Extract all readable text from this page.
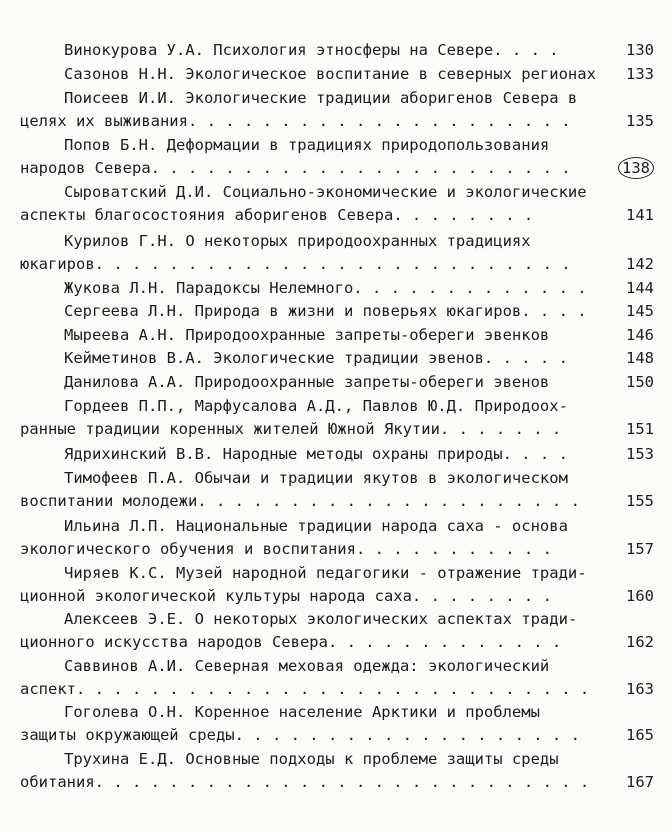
Винокурова У.А. Психология этносферы на Севере. . . .	130
Сазонов Н.Н. Экологическое воспитание в северных регионах	133
Поисеев И.И. Экологические традиции аборигенов Севера в
целях их выживания. . . . . . . . . . . . . . . . . . . . .	135
Попов Б.Н. Деформации в традициях природопользования
народов Севера. . . . . . . . . . . . . . . . . . . . . . .	138
Сыроватский Д.И. Социально-экономические и экологические
аспекты благосостояния аборигенов Севера. . . . . . . .	141
Курилов Г.Н. О некоторых природоохранных традициях
юкагиров. . . . . . . . . . . . . . . . . . . . . . . . . .	142
Жукова Л.Н. Парадоксы Нелемного. . . . . . . . . . . . .	144
Сергеева Л.Н. Природа в жизни и поверьях юкагиров. . . .	145
Мыреева А.Н. Природоохранные запреты-обереги эвенков	146
Кейметинов В.А. Экологические традиции эвенов. . . . .	148
Данилова А.А. Природоохранные запреты-обереги эвенов	150
Гордеев П.П., Марфусалова А.Д., Павлов Ю.Д. Природоох-
ранные традиции коренных жителей Южной Якутии. . . . . . .	151
Ядрихинский В.В. Народные методы охраны природы. . . .	153
Тимофеев П.А. Обычаи и традиции якутов в экологическом
воспитании молодежи. . . . . . . . . . . . . . . . . . . . .	155
Ильина Л.П. Национальные традиции народа саха - основа
экологического обучения и воспитания. . . . . . . . . . .	157
Чиряев К.С. Музей народной педагогики - отражение тради-
ционной экологической культуры народа саха. . . . . . . .	160
Алексеев Э.Е. О некоторых экологических аспектах тради-
ционного искусства народов Севера. . . . . . . . . . . . .	162
Саввинов А.И. Северная меховая одежда: экологический
аспект. . . . . . . . . . . . . . . . . . . . . . . . . . . .	163
Гоголева О.Н. Коренное население Арктики и проблемы
защиты окружающей среды. . . . . . . . . . . . . . . . . . .	165
Трухина Е.Д. Основные подходы к проблеме защиты среды
обитания. . . . . . . . . . . . . . . . . . . . . . . . . . .	167
